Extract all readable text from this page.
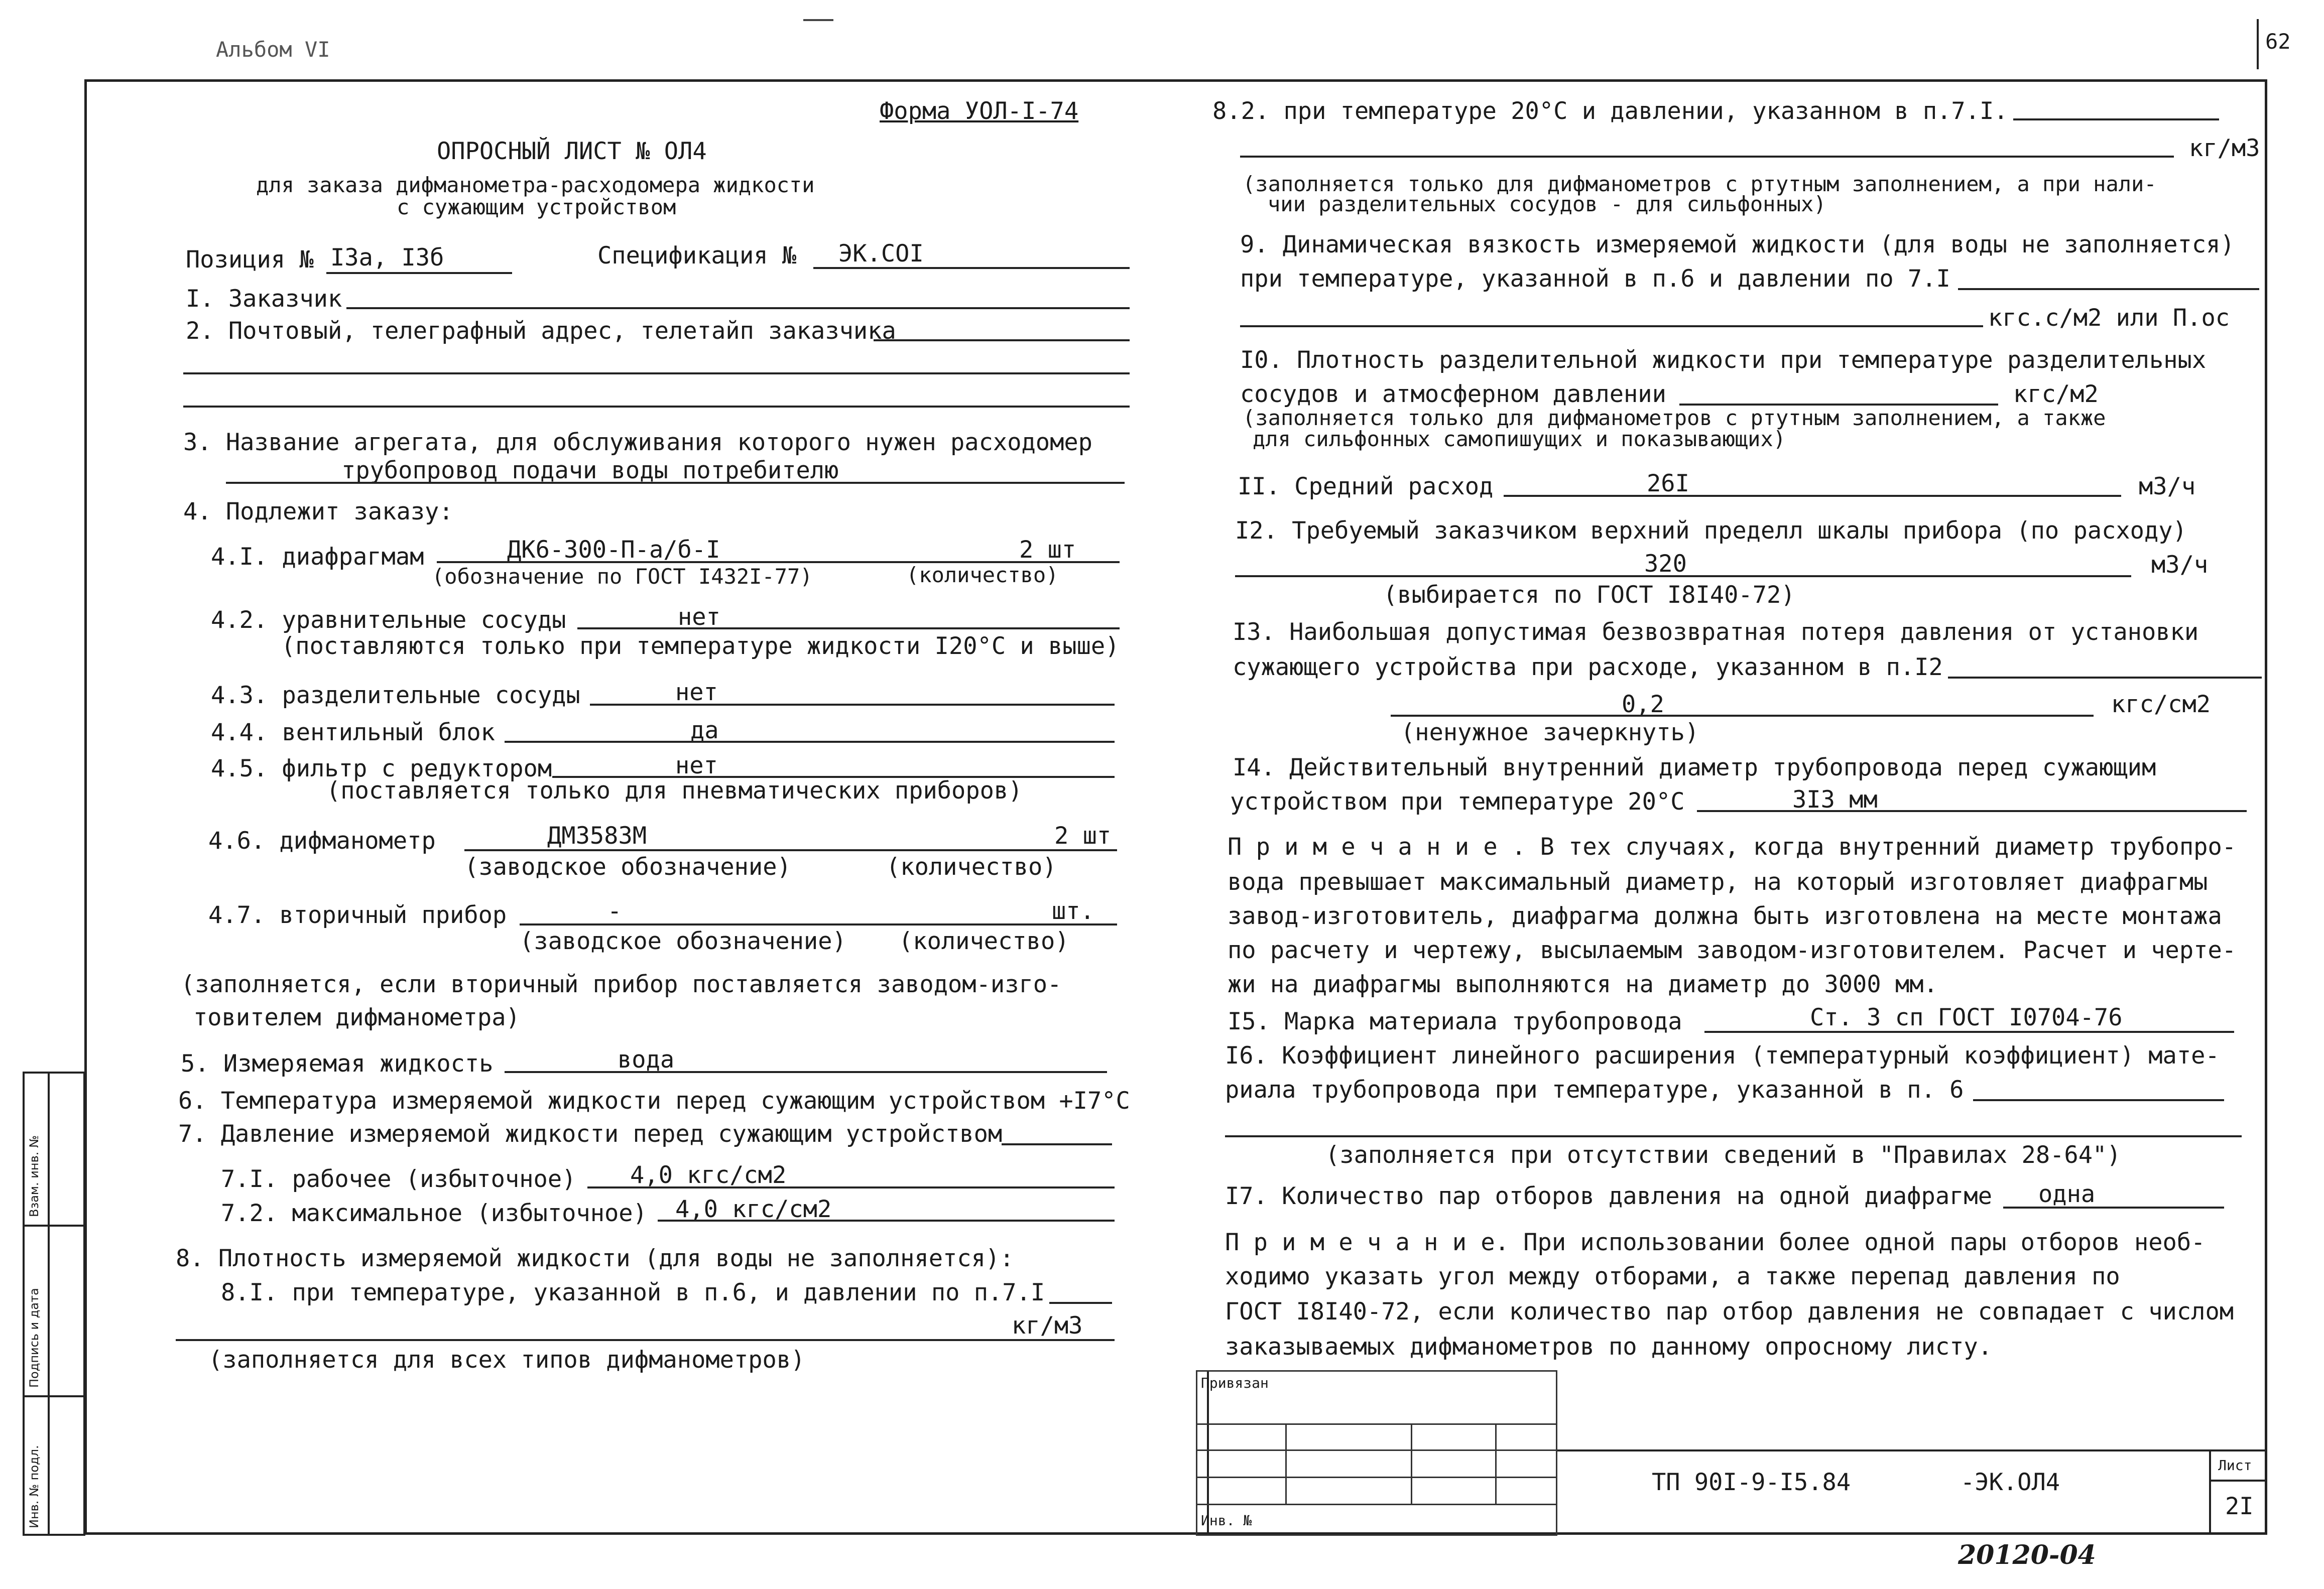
Альбом VI	62
Взам. инв. №
Подпись и дата
Инв. № подл.
Форма УОЛ-I-74
ОПРОСНЫЙ ЛИСТ № ОЛ4
для заказа дифманометра-расходомера жидкости
с сужающим устройством
Позиция № I3а, I3б	Спецификация № ЭК.COI
I. Заказчик
2. Почтовый, телеграфный адрес, телетайп заказчика
3. Название агрегата, для обслуживания которого нужен расходомер
трубопровод подачи воды потребителю
4. Подлежит заказу:
4.I. диафрагмам	ДК6-300-П-а/б-I	2 шт
(обозначение по ГОСТ I432I-77)	(количество)
4.2. уравнительные сосуды	нет
(поставляются только при температуре жидкости I20°С и выше)
4.3. разделительные сосуды	нет
4.4. вентильный блок	да
4.5. фильтр с редуктором	нет
(поставляется только для пневматических приборов)
4.6. дифманометр	ДМ3583М	2 шт
(заводское обозначение)	(количество)
4.7. вторичный прибор	-	шт.
(заводское обозначение) (количество)
(заполняется, если вторичный прибор поставляется заводом-изго-
товителем дифманометра)
5. Измеряемая жидкость	вода
6. Температура измеряемой жидкости перед сужающим устройством +I7°С
7. Давление измеряемой жидкости перед сужающим устройством
7.I. рабочее (избыточное) 4,0 кгс/см2
7.2. максимальное (избыточное) 4,0 кгс/см2
8. Плотность измеряемой жидкости (для воды не заполняется):
8.I. при температуре, указанной в п.6, и давлении по п.7.I
кг/м3
(заполняется для всех типов дифманометров)
8.2. при температуре 20°С и давлении, указанном в п.7.I.
кг/м3
(заполняется только для дифманометров с ртутным заполнением, а при нали-
чии разделительных сосудов - для сильфонных)
9. Динамическая вязкость измеряемой жидкости (для воды не заполняется)
при температуре, указанной в п.6 и давлении по 7.I
кгс.с/м2 или П.ос
I0. Плотность разделительной жидкости при температуре разделительных
сосудов и атмосферном давлении	кгс/м2
(заполняется только для дифманометров с ртутным заполнением, а также
для сильфонных самопишущих и показывающих)
II. Средний расход	26I	м3/ч
I2. Требуемый заказчиком верхний пределл шкалы прибора (по расходу)
320	м3/ч
(выбирается по ГОСТ I8I40-72)
I3. Наибольшая допустимая безвозвратная потеря давления от установки
сужающего устройства при расходе, указанном в п.I2
0,2	кгс/см2
(ненужное зачеркнуть)
I4. Действительный внутренний диаметр трубопровода перед сужающим
устройством при температуре 20°С	3I3 мм
П р и м е ч а н и е . В тех случаях, когда внутренний диаметр трубопро-
вода превышает максимальный диаметр, на который изготовляет диафрагмы
завод-изготовитель, диафрагма должна быть изготовлена на месте монтажа
по расчету и чертежу, высылаемым заводом-изготовителем. Расчет и черте-
жи на диафрагмы выполняются на диаметр до 3000 мм.
I5. Марка материала трубопровода	Ст. 3 сп ГОСТ I0704-76
I6. Коэффициент линейного расширения (температурный коэффициент) мате-
риала трубопровода при температуре, указанной в п. 6
(заполняется при отсутствии сведений в "Правилах 28-64")
I7. Количество пар отборов давления на одной диафрагме одна
П р и м е ч а н и е. При использовании более одной пары отборов необ-
ходимо указать угол между отборами, а также перепад давления по
ГОСТ I8I40-72, если количество пар отбор давления не совпадает с числом
заказываемых дифманометров по данному опросному листу.
Привязан
Инв. №
ТП 90I-9-I5.84	-ЭК.ОЛ4
Лист
2I
20120-04
